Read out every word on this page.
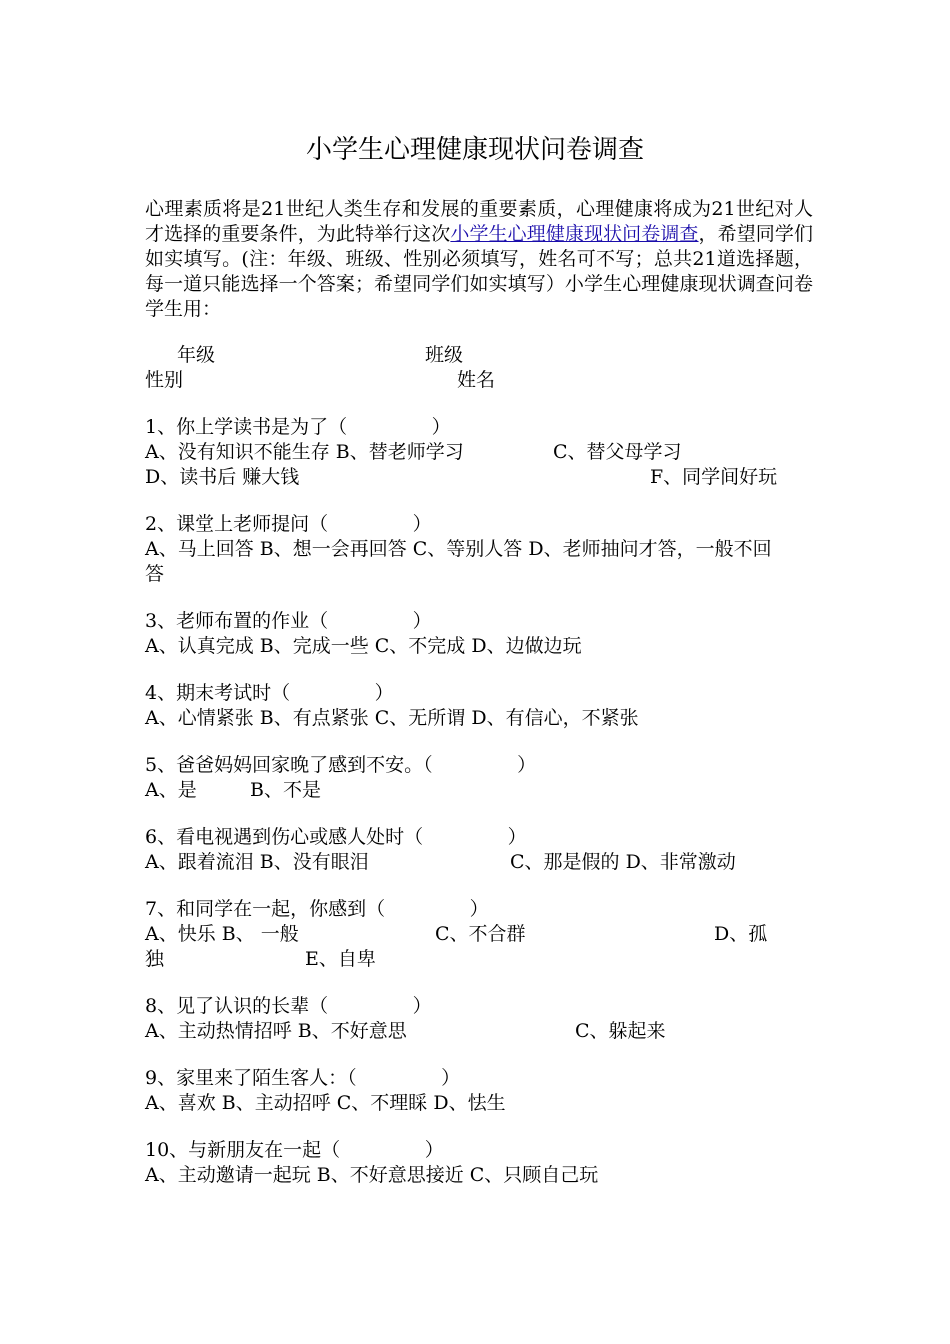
小学生心理健康现状问卷调查
心理素质将是21世纪人类生存和发展的重要素质，心理健康将成为21世纪对人才选择的重要条件，为此特举行这次小学生心理健康现状问卷调查，希望同学们如实填写。(注：年级、班级、性别必须填写，姓名可不写；总共21道选择题，每一道只能选择一个答案；希望同学们如实填写）小学生心理健康现状调查问卷学生用：
年级	班级
性别	姓名
1、你上学读书是为了（              ）
A、没有知识不能生存 B、替老师学习	C、替父母学习
D、读书后 赚大钱	F、同学间好玩
2、课堂上老师提问（              ）
A、马上回答 B、想一会再回答 C、等别人答 D、老师抽问才答，一般不回
答
3、老师布置的作业（              ）
A、认真完成 B、完成一些 C、不完成 D、边做边玩
4、期末考试时（              ）
A、心情紧张 B、有点紧张 C、无所谓 D、有信心，不紧张
5、爸爸妈妈回家晚了感到不安。（              ）
A、是	B、不是
6、看电视遇到伤心或感人处时（              ）
A、跟着流泪 B、没有眼泪	C、那是假的 D、非常激动
7、和同学在一起，你感到（              ）
A、快乐 B、 一般	C、不合群	D、孤
独	E、自卑
8、见了认识的长辈（              ）
A、主动热情招呼 B、不好意思	C、躲起来
9、家里来了陌生客人：（              ）
A、喜欢 B、主动招呼 C、不理睬 D、怯生
10、与新朋友在一起（              ）
A、主动邀请一起玩 B、不好意思接近 C、只顾自己玩
